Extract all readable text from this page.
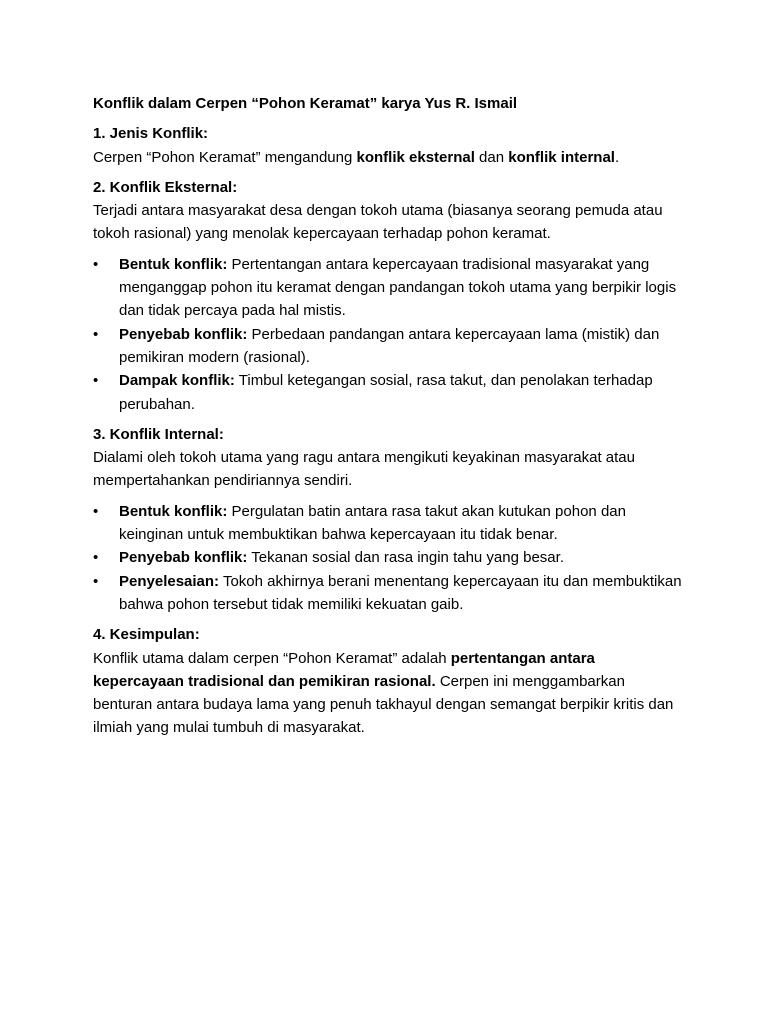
Konflik dalam Cerpen “Pohon Keramat” karya Yus R. Ismail

1. Jenis Konflik:

Cerpen “Pohon Keramat” mengandung konflik eksternal dan konflik internal.

2. Konflik Eksternal:

Terjadi antara masyarakat desa dengan tokoh utama (biasanya seorang pemuda atau tokoh rasional) yang menolak kepercayaan terhadap pohon keramat.

• Bentuk konflik: Pertentangan antara kepercayaan tradisional masyarakat yang menganggap pohon itu keramat dengan pandangan tokoh utama yang berpikir logis dan tidak percaya pada hal mistis.
• Penyebab konflik: Perbedaan pandangan antara kepercayaan lama (mistik) dan pemikiran modern (rasional).
• Dampak konflik: Timbul ketegangan sosial, rasa takut, dan penolakan terhadap perubahan.

3. Konflik Internal:

Dialami oleh tokoh utama yang ragu antara mengikuti keyakinan masyarakat atau mempertahankan pendiriannya sendiri.

• Bentuk konflik: Pergulatan batin antara rasa takut akan kutukan pohon dan keinginan untuk membuktikan bahwa kepercayaan itu tidak benar.
• Penyebab konflik: Tekanan sosial dan rasa ingin tahu yang besar.
• Penyelesaian: Tokoh akhirnya berani menentang kepercayaan itu dan membuktikan bahwa pohon tersebut tidak memiliki kekuatan gaib.

4. Kesimpulan:

Konflik utama dalam cerpen “Pohon Keramat” adalah pertentangan antara kepercayaan tradisional dan pemikiran rasional. Cerpen ini menggambarkan benturan antara budaya lama yang penuh takhayul dengan semangat berpikir kritis dan ilmiah yang mulai tumbuh di masyarakat.
